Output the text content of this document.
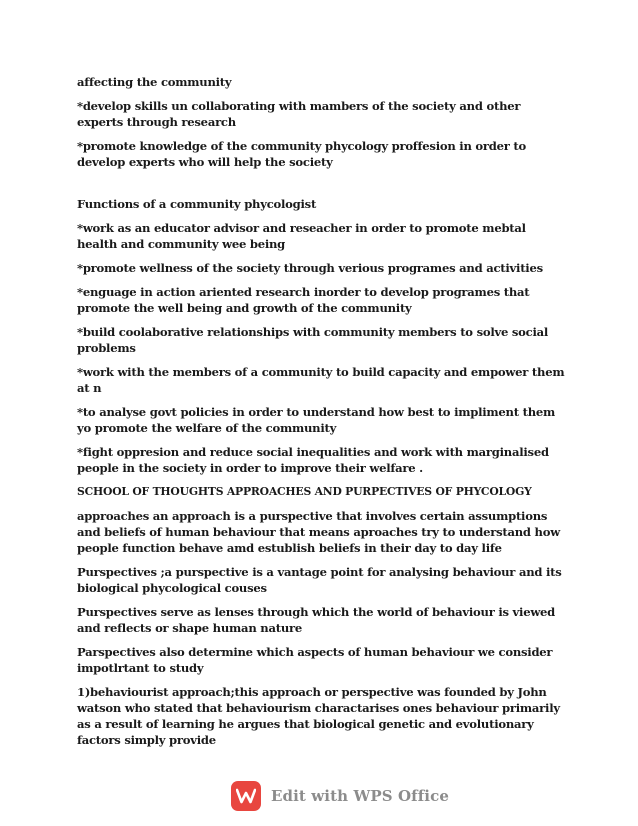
affecting the community

*develop skills un collaborating with mambers of the society and other experts through research

*promote knowledge of the community phycology proffesion in order to develop experts who will help the society

Functions of a community phycologist

*work as an educator advisor and reseacher in order to promote mebtal health and community wee being

*promote wellness of the society through verious programes and activities

*enguage in action ariented research inorder to develop programes that promote the well being and growth of the community

*build coolaborative relationships with community members to solve social problems

*work with the members of a community to build capacity and empower them at n

*to analyse govt policies in order to understand how best to impliment them yo promote the welfare of the community

*fight oppresion and reduce social inequalities and work with marginalised people in the society in order to improve their welfare .

SCHOOL OF THOUGHTS APPROACHES AND PURPECTIVES OF PHYCOLOGY

approaches an approach is a purspective that involves certain assumptions and beliefs of human behaviour that means aproaches try to understand how people function behave amd estublish beliefs in their day to day life

Purspectives ;a purspective is a vantage point for analysing behaviour and its biological phycological couses

Purspectives serve as lenses through which the world of behaviour is viewed and reflects or shape human nature

Parspectives also determine which aspects of human behaviour we consider impotlrtant to study

1)behaviourist approach;this approach or perspective was founded by John watson who stated that behaviourism charactarises ones behaviour primarily as a result of learning he argues that biological genetic and evolutionary factors simply provide

Edit with WPS Office
